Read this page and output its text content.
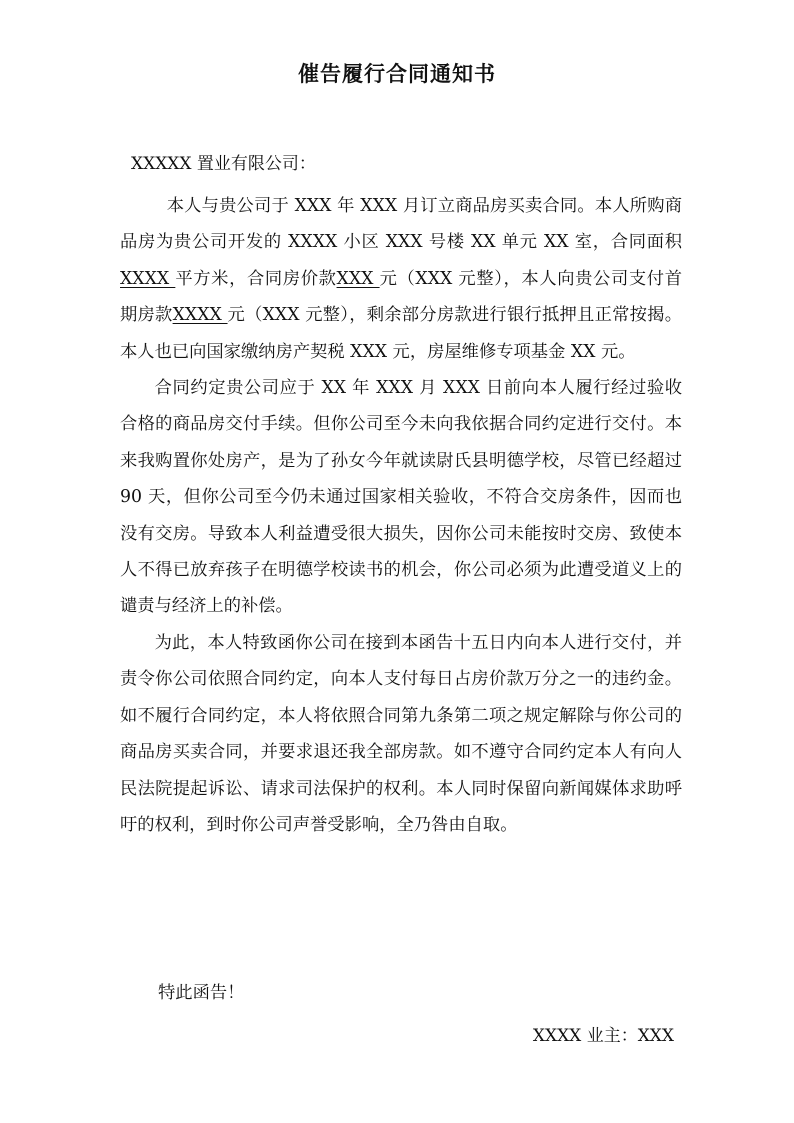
催告履行合同通知书
XXXXX 置业有限公司：

本人与贵公司于 XXX 年 XXX 月订立商品房买卖合同。本人所购商品房为贵公司开发的 XXXX 小区 XXX 号楼 XX 单元 XX 室，合同面积XXXX 平方米，合同房价款XXX 元（XXX 元整），本人向贵公司支付首期房款XXXX 元（XXX 元整），剩余部分房款进行银行抵押且正常按揭。本人也已向国家缴纳房产契税 XXX 元，房屋维修专项基金 XX 元。

合同约定贵公司应于 XX 年 XXX 月 XXX 日前向本人履行经过验收合格的商品房交付手续。但你公司至今未向我依据合同约定进行交付。本来我购置你处房产，是为了孙女今年就读尉氏县明德学校，尽管已经超过 90 天，但你公司至今仍未通过国家相关验收，不符合交房条件，因而也没有交房。导致本人利益遭受很大损失，因你公司未能按时交房、致使本人不得已放弃孩子在明德学校读书的机会，你公司必须为此遭受道义上的谴责与经济上的补偿。

为此，本人特致函你公司在接到本函告十五日内向本人进行交付，并责令你公司依照合同约定，向本人支付每日占房价款万分之一的违约金。如不履行合同约定，本人将依照合同第九条第二项之规定解除与你公司的商品房买卖合同，并要求退还我全部房款。如不遵守合同约定本人有向人民法院提起诉讼、请求司法保护的权利。本人同时保留向新闻媒体求助呼吁的权利，到时你公司声誉受影响，全乃咎由自取。

特此函告！
XXXX 业主：XXX
